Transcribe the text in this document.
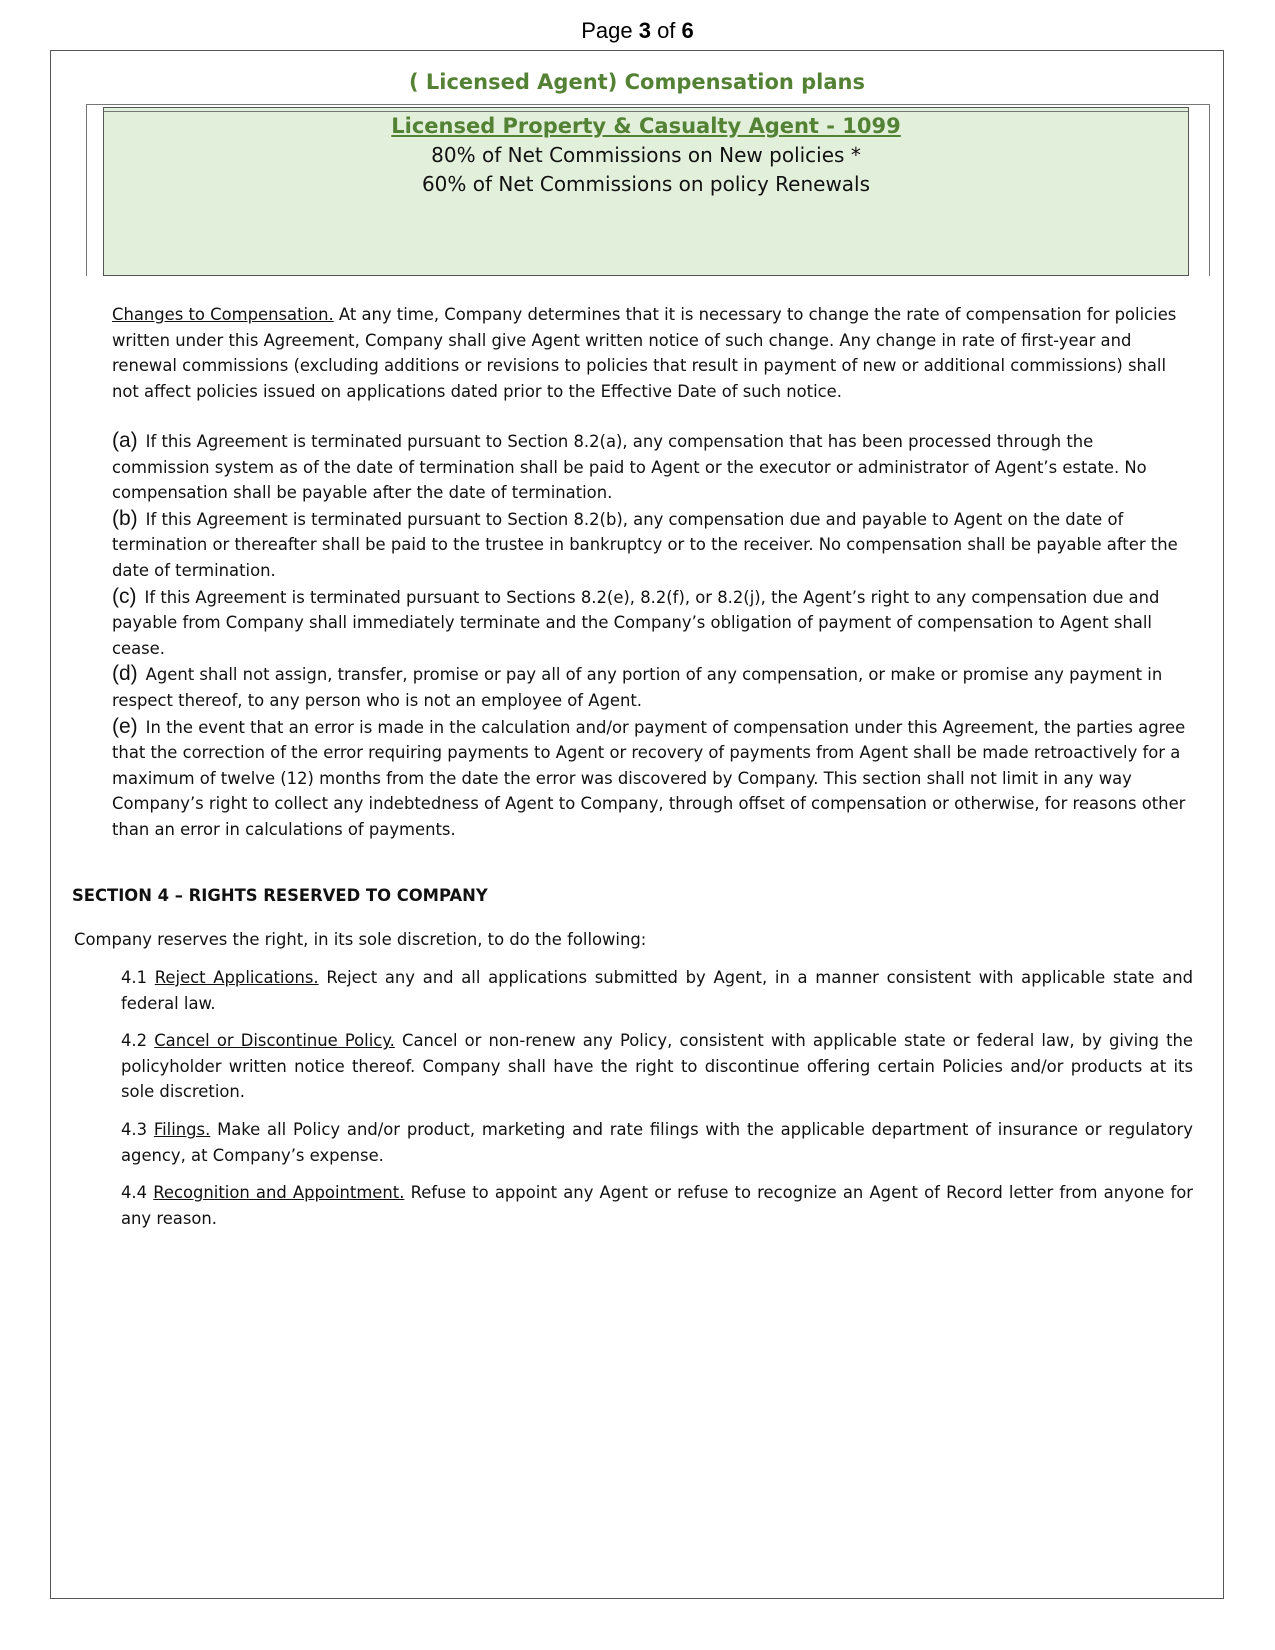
Page 3 of 6
( Licensed Agent) Compensation plans
Licensed Property & Casualty Agent - 1099
80% of Net Commissions on New policies *
60% of Net Commissions on policy Renewals
Changes to Compensation. At any time, Company determines that it is necessary to change the rate of compensation for policies written under this Agreement, Company shall give Agent written notice of such change. Any change in rate of first-year and renewal commissions (excluding additions or revisions to policies that result in payment of new or additional commissions) shall not affect policies issued on applications dated prior to the Effective Date of such notice.

(a) If this Agreement is terminated pursuant to Section 8.2(a), any compensation that has been processed through the commission system as of the date of termination shall be paid to Agent or the executor or administrator of Agent’s estate. No compensation shall be payable after the date of termination.

(b) If this Agreement is terminated pursuant to Section 8.2(b), any compensation due and payable to Agent on the date of termination or thereafter shall be paid to the trustee in bankruptcy or to the receiver. No compensation shall be payable after the date of termination.

(c) If this Agreement is terminated pursuant to Sections 8.2(e), 8.2(f), or 8.2(j), the Agent’s right to any compensation due and payable from Company shall immediately terminate and the Company’s obligation of payment of compensation to Agent shall cease.

(d) Agent shall not assign, transfer, promise or pay all of any portion of any compensation, or make or promise any payment in respect thereof, to any person who is not an employee of Agent.

(e) In the event that an error is made in the calculation and/or payment of compensation under this Agreement, the parties agree that the correction of the error requiring payments to Agent or recovery of payments from Agent shall be made retroactively for a maximum of twelve (12) months from the date the error was discovered by Company. This section shall not limit in any way Company’s right to collect any indebtedness of Agent to Company, through offset of compensation or otherwise, for reasons other than an error in calculations of payments.

SECTION 4 – RIGHTS RESERVED TO COMPANY
Company reserves the right, in its sole discretion, to do the following:
4.1 Reject Applications. Reject any and all applications submitted by Agent, in a manner consistent with applicable state and federal law.
4.2 Cancel or Discontinue Policy. Cancel or non-renew any Policy, consistent with applicable state or federal law, by giving the policyholder written notice thereof. Company shall have the right to discontinue offering certain Policies and/or products at its sole discretion.
4.3 Filings. Make all Policy and/or product, marketing and rate filings with the applicable department of insurance or regulatory agency, at Company’s expense.
4.4 Recognition and Appointment. Refuse to appoint any Agent or refuse to recognize an Agent of Record letter from anyone for any reason.
